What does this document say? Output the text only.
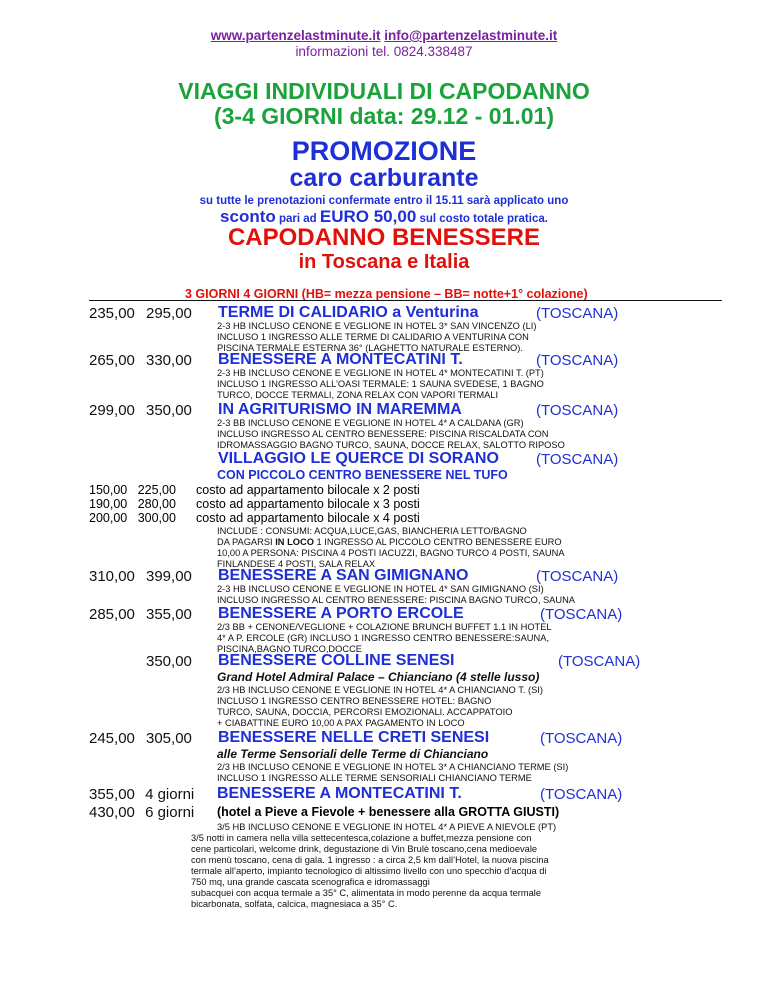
www.partenzelastminute.it info@partenzelastminute.it
informazioni tel. 0824.338487
VIAGGI INDIVIDUALI DI CAPODANNO
(3-4 GIORNI data: 29.12 - 01.01)
PROMOZIONE
caro carburante
su tutte le prenotazioni confermate entro il 15.11 sarà applicato uno
sconto pari ad EURO 50,00 sul costo totale pratica.
CAPODANNO BENESSERE
in Toscana e Italia
3 GIORNI 4 GIORNI (HB= mezza pensione – BB= notte+1° colazione)
235,00 295,00 TERME DI CALIDARIO a Venturina	(TOSCANA)
2-3 HB INCLUSO CENONE E VEGLIONE IN HOTEL 3* SAN VINCENZO (LI)
INCLUSO 1 INGRESSO ALLE TERME DI CALIDARIO A VENTURINA CON
PISCINA TERMALE ESTERNA 36° (LAGHETTO NATURALE ESTERNO).
265,00 330,00 BENESSERE A MONTECATINI T.	(TOSCANA)
2-3 HB INCLUSO CENONE E VEGLIONE IN HOTEL 4* MONTECATINI T. (PT)
INCLUSO 1 INGRESSO ALL’OASI TERMALE: 1 SAUNA SVEDESE, 1 BAGNO
TURCO, DOCCE TERMALI, ZONA RELAX CON VAPORI TERMALI
299,00 350,00 IN AGRITURISMO IN MAREMMA	(TOSCANA)
2-3 BB INCLUSO CENONE E VEGLIONE IN HOTEL 4* A CALDANA (GR)
INCLUSO INGRESSO AL CENTRO BENESSERE: PISCINA RISCALDATA CON
IDROMASSAGGIO BAGNO TURCO, SAUNA, DOCCE RELAX, SALOTTO RIPOSO
VILLAGGIO LE QUERCE DI SORANO (TOSCANA)
CON PICCOLO CENTRO BENESSERE NEL TUFO
150,00 225,00 costo ad appartamento bilocale x 2 posti
190,00 280,00 costo ad appartamento bilocale x 3 posti
200,00 300,00 costo ad appartamento bilocale x 4 posti
INCLUDE : CONSUMI: ACQUA,LUCE,GAS, BIANCHERIA LETTO/BAGNO
DA PAGARSI IN LOCO 1 INGRESSO AL PICCOLO CENTRO BENESSERE EURO
10,00 A PERSONA: PISCINA 4 POSTI IACUZZI, BAGNO TURCO 4 POSTI, SAUNA
FINLANDESE 4 POSTI, SALA RELAX
310,00 399,00 BENESSERE A SAN GIMIGNANO	(TOSCANA)
2-3 HB INCLUSO CENONE E VEGLIONE IN HOTEL 4* SAN GIMIGNANO (SI)
INCLUSO INGRESSO AL CENTRO BENESSERE: PISCINA BAGNO TURCO, SAUNA
285,00 355,00 BENESSERE A PORTO ERCOLE	(TOSCANA)
2/3 BB + CENONE/VEGLIONE + COLAZIONE BRUNCH BUFFET 1.1 IN HOTEL
4* A P. ERCOLE (GR) INCLUSO 1 INGRESSO CENTRO BENESSERE:SAUNA,
PISCINA,BAGNO TURCO,DOCCE
350,00 BENESSERE COLLINE SENESI	(TOSCANA)
Grand Hotel Admiral Palace – Chianciano (4 stelle lusso)
2/3 HB INCLUSO CENONE E VEGLIONE IN HOTEL 4* A CHIANCIANO T. (SI)
INCLUSO 1 INGRESSO CENTRO BENESSERE HOTEL: BAGNO
TURCO, SAUNA, DOCCIA, PERCORSI EMOZIONALI. ACCAPPATOIO
+ CIABATTINE EURO 10,00 A PAX PAGAMENTO IN LOCO
245,00 305,00 BENESSERE NELLE CRETI SENESI	(TOSCANA)
alle Terme Sensoriali delle Terme di Chianciano
2/3 HB INCLUSO CENONE E VEGLIONE IN HOTEL 3* A CHIANCIANO TERME (SI)
INCLUSO 1 INGRESSO ALLE TERME SENSORIALI CHIANCIANO TERME
355,00 4 giorni
430,00 6 giorni
BENESSERE A MONTECATINI T.	(TOSCANA)
(hotel a Pieve a Fievole + benessere alla GROTTA GIUSTI)
3/5 HB INCLUSO CENONE E VEGLIONE IN HOTEL 4* A PIEVE A NIEVOLE (PT)
3/5 notti in camera nella villa settecentesca,colazione a buffet,mezza pensione con
cene particolari, welcome drink, degustazione di Vin Brulè toscano,cena medioevale
con menù toscano, cena di gala. 1 ingresso : a circa 2,5 km dall’Hotel, la nuova piscina
termale all’aperto, impianto tecnologico di altissimo livello con uno specchio d’acqua di
750 mq, una grande cascata scenografica e idromassaggi
subacquei con acqua termale a 35° C, alimentata in modo perenne da acqua termale
bicarbonata, solfata, calcica, magnesiaca a 35° C.
